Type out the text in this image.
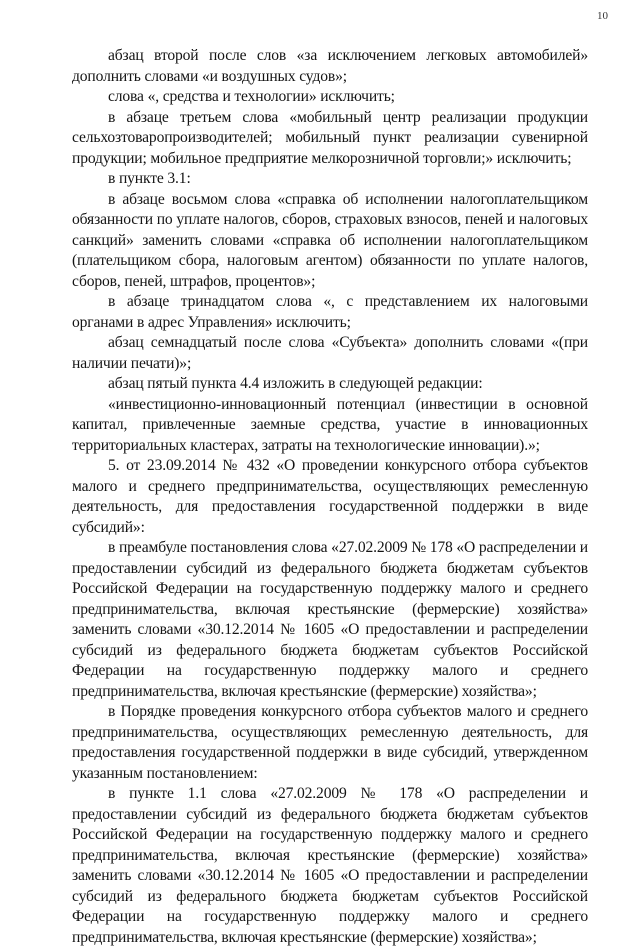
10

абзац второй после слов «за исключением легковых автомобилей» дополнить словами «и воздушных судов»;

слова «, средства и технологии» исключить;

в абзаце третьем слова «мобильный центр реализации продукции сельхозтоваропроизводителей; мобильный пункт реализации сувенирной продукции; мобильное предприятие мелкорозничной торговли;» исключить;

в пункте 3.1:

в абзаце восьмом слова «справка об исполнении налогоплательщиком обязанности по уплате налогов, сборов, страховых взносов, пеней и налоговых санкций» заменить словами «справка об исполнении налогоплательщиком (плательщиком сбора, налоговым агентом) обязанности по уплате налогов, сборов, пеней, штрафов, процентов»;

в абзаце тринадцатом слова «, с представлением их налоговыми органами в адрес Управления» исключить;

абзац семнадцатый после слова «Субъекта» дополнить словами «(при наличии печати)»;

абзац пятый пункта 4.4 изложить в следующей редакции:

«инвестиционно-инновационный потенциал (инвестиции в основной капитал, привлеченные заемные средства, участие в инновационных территориальных кластерах, затраты на технологические инновации).»;

5. от 23.09.2014 № 432 «О проведении конкурсного отбора субъектов малого и среднего предпринимательства, осуществляющих ремесленную деятельность, для предоставления государственной поддержки в виде субсидий»:

в преамбуле постановления слова «27.02.2009 № 178 «О распределении и предоставлении субсидий из федерального бюджета бюджетам субъектов Российской Федерации на государственную поддержку малого и среднего предпринимательства, включая крестьянские (фермерские) хозяйства» заменить словами «30.12.2014 № 1605 «О предоставлении и распределении субсидий из федерального бюджета бюджетам субъектов Российской Федерации на государственную поддержку малого и среднего предпринимательства, включая крестьянские (фермерские) хозяйства»;

в Порядке проведения конкурсного отбора субъектов малого и среднего предпринимательства, осуществляющих ремесленную деятельность, для предоставления государственной поддержки в виде субсидий, утвержденном указанным постановлением:

в пункте 1.1 слова «27.02.2009 № 178 «О распределении и предоставлении субсидий из федерального бюджета бюджетам субъектов Российской Федерации на государственную поддержку малого и среднего предпринимательства, включая крестьянские (фермерские) хозяйства» заменить словами «30.12.2014 № 1605 «О предоставлении и распределении субсидий из федерального бюджета бюджетам субъектов Российской Федерации на государственную поддержку малого и среднего предпринимательства, включая крестьянские (фермерские) хозяйства»;
